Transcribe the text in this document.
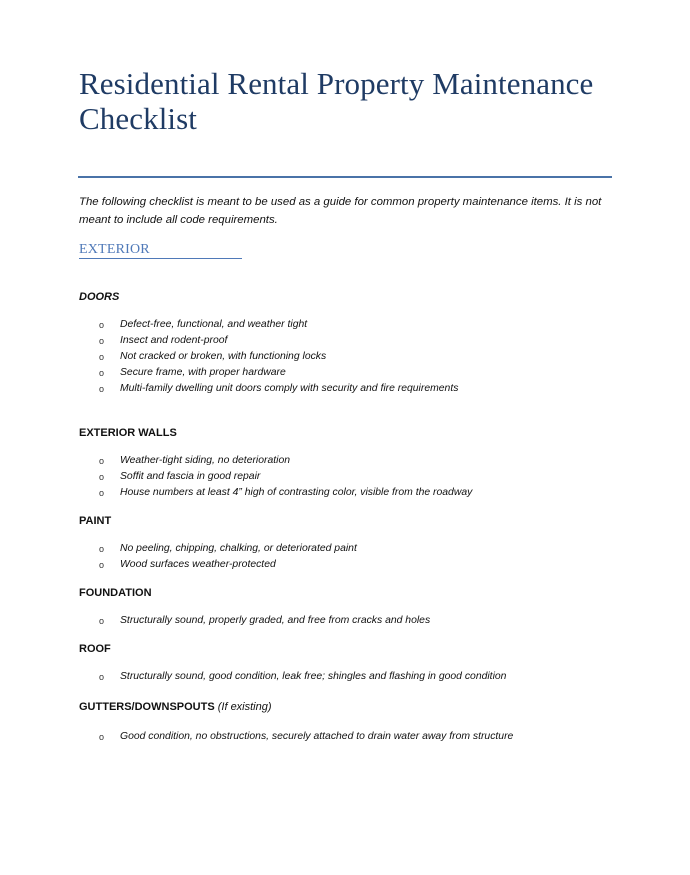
Residential Rental Property Maintenance Checklist
The following checklist is meant to be used as a guide for common property maintenance items. It is not meant to include all code requirements.
EXTERIOR
DOORS
o Defect-free, functional, and weather tight
o Insect and rodent-proof
o Not cracked or broken, with functioning locks
o Secure frame, with proper hardware
o Multi-family dwelling unit doors comply with security and fire requirements
EXTERIOR WALLS
o Weather-tight siding, no deterioration
o Soffit and fascia in good repair
o House numbers at least 4” high of contrasting color, visible from the roadway
PAINT
o No peeling, chipping, chalking, or deteriorated paint
o Wood surfaces weather-protected
FOUNDATION
o Structurally sound, properly graded, and free from cracks and holes
ROOF
o Structurally sound, good condition, leak free; shingles and flashing in good condition
GUTTERS/DOWNSPOUTS (If existing)
o Good condition, no obstructions, securely attached to drain water away from structure
